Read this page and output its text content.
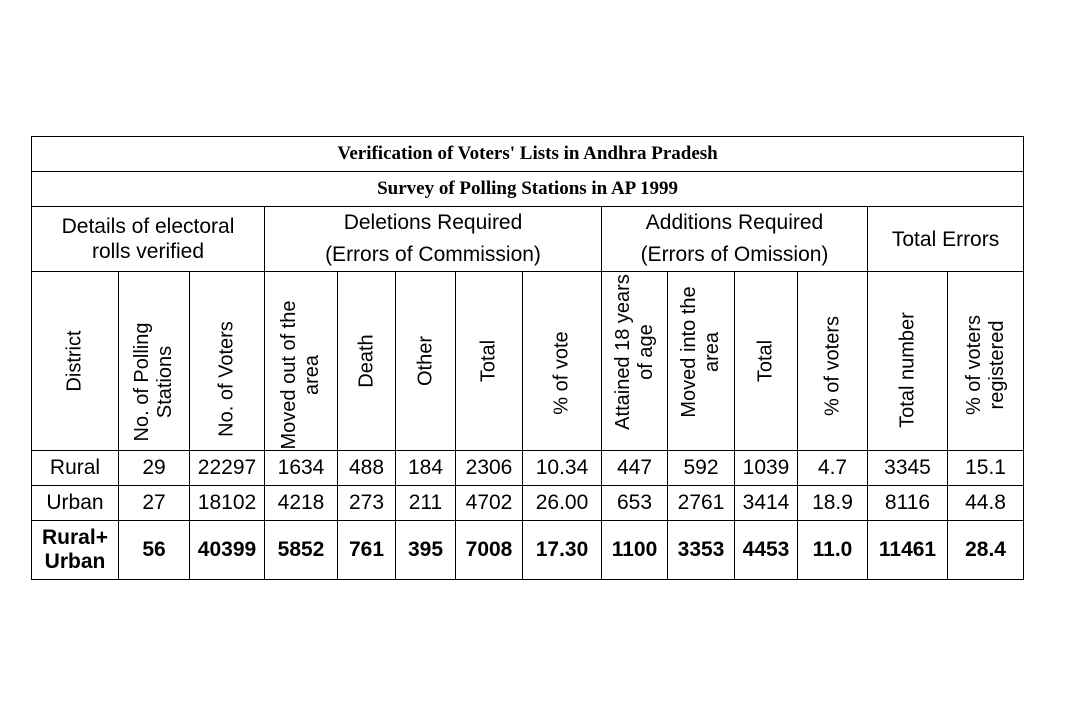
Verification of Voters' Lists in Andhra Pradesh													
Survey of Polling Stations in AP 1999													
Details of electoral rolls verified			Deletions Required					Additions Required				Total Errors	
			(Errors of Commission)					(Errors of Omission)					

District	No. of Polling Stations	No. of Voters	Moved out of the area	Death	Other	Total	% of vote	Attained 18 years of age	Moved into the area	Total	% of voters	Total number	% of voters registered

Rural	29	22297	1634	488	184	2306	10.34	447	592	1039	4.7	3345	15.1
Urban	27	18102	4218	273	211	4702	26.00	653	2761	3414	18.9	8116	44.8
Rural+ Urban	56	40399	5852	761	395	7008	17.30	1100	3353	4453	11.0	11461	28.4
